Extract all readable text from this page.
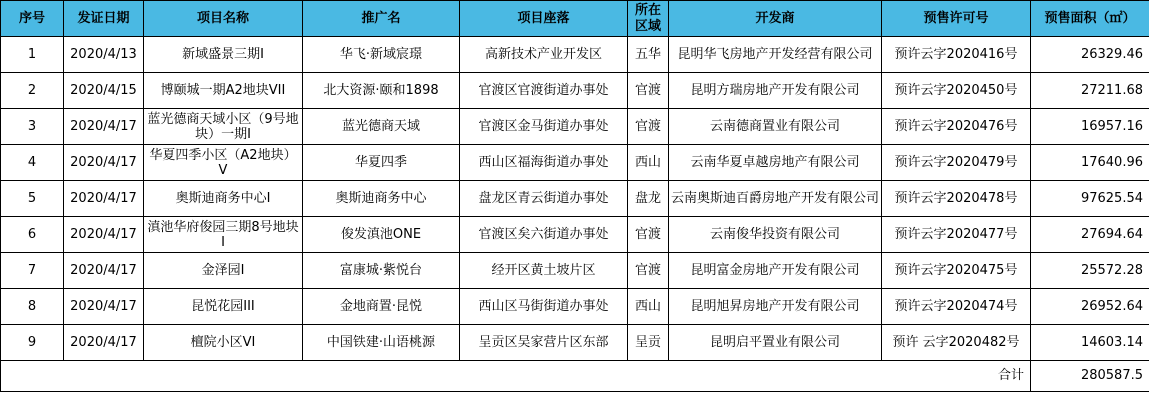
序号	发证日期	项目名称	推广名	项目座落	所在区域	开发商	预售许可号	预售面积（㎡）
1	2020/4/13	新域盛景三期I	华飞·新域宸璟	高新技术产业开发区	五华	昆明华飞房地产开发经营有限公司	预许云字2020416号	26329.46
2	2020/4/15	博颐城一期A2地块VII	北大资源·颐和1898	官渡区官渡街道办事处	官渡	昆明方瑞房地产开发有限公司	预许云字2020450号	27211.68
3	2020/4/17	蓝光德商天域小区（9号地块）一期I	蓝光德商天域	官渡区金马街道办事处	官渡	云南德商置业有限公司	预许云字2020476号	16957.16
4	2020/4/17	华夏四季小区（A2地块）V	华夏四季	西山区福海街道办事处	西山	云南华夏卓越房地产有限公司	预许云字2020479号	17640.96
5	2020/4/17	奥斯迪商务中心I	奥斯迪商务中心	盘龙区青云街道办事处	盘龙	云南奥斯迪百爵房地产开发有限公司	预许云字2020478号	97625.54
6	2020/4/17	滇池华府俊园三期8号地块I	俊发滇池ONE	官渡区矣六街道办事处	官渡	云南俊华投资有限公司	预许云字2020477号	27694.64
7	2020/4/17	金泽园I	富康城·紫悦台	经开区黄土坡片区	官渡	昆明富金房地产开发有限公司	预许云字2020475号	25572.28
8	2020/4/17	昆悦花园III	金地商置·昆悦	西山区马街街道办事处	西山	昆明旭昇房地产开发有限公司	预许云字2020474号	26952.64
9	2020/4/17	檀院小区VI	中国铁建·山语桃源	呈贡区吴家营片区东部	呈贡	昆明启平置业有限公司	预许 云字2020482号	14603.14
合计								280587.5
